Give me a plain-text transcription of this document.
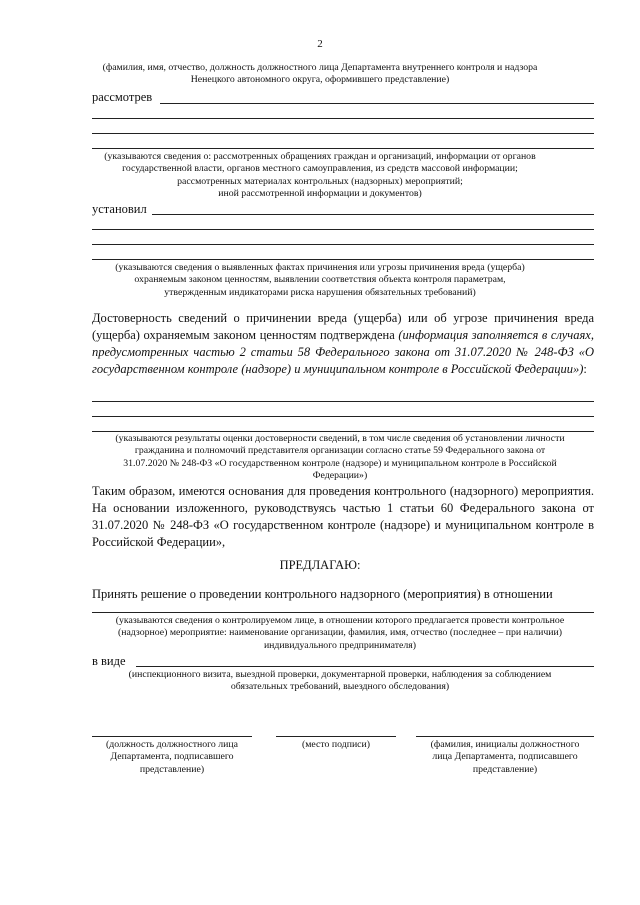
2
(фамилия, имя, отчество, должность должностного лица Департамента внутреннего контроля и надзора
Ненецкого автономного округа, оформившего представление)
рассмотрев
(указываются сведения о: рассмотренных обращениях граждан и организаций, информации от органов
государственной власти, органов местного самоуправления, из средств массовой информации;
рассмотренных материалах контрольных (надзорных) мероприятий;
иной рассмотренной информации и документов)
установил
(указываются сведения о выявленных фактах причинения или угрозы причинения вреда (ущерба)
охраняемым законом ценностям, выявлении соответствия объекта контроля параметрам,
утвержденным индикаторами риска нарушения обязательных требований)
Достоверность сведений о причинении вреда (ущерба) или об угрозе причинения вреда (ущерба) охраняемым законом ценностям подтверждена (информация заполняется в случаях, предусмотренных частью 2 статьи 58 Федерального закона от 31.07.2020 № 248-ФЗ «О государственном контроле (надзоре) и муниципальном контроле в Российской Федерации»):
(указываются результаты оценки достоверности сведений, в том числе сведения об установлении личности
гражданина и полномочий представителя организации согласно статье 59 Федерального закона от
31.07.2020 № 248-ФЗ «О государственном контроле (надзоре) и муниципальном контроле в Российской
Федерации»)
Таким образом, имеются основания для проведения контрольного (надзорного) мероприятия. На основании изложенного, руководствуясь частью 1 статьи 60 Федерального закона от 31.07.2020 № 248-ФЗ «О государственном контроле (надзоре) и муниципальном контроле в Российской Федерации»,
ПРЕДЛАГАЮ:
Принять решение о проведении контрольного надзорного (мероприятия) в отношении
(указываются сведения о контролируемом лице, в отношении которого предлагается провести контрольное
(надзорное) мероприятие: наименование организации, фамилия, имя, отчество (последнее – при наличии)
индивидуального предпринимателя)
в виде
(инспекционного визита, выездной проверки, документарной проверки, наблюдения за соблюдением
обязательных требований, выездного обследования)
(должность должностного лица
Департамента, подписавшего
представление)
(место подписи)	(фамилия, инициалы должностного
лица Департамента, подписавшего
представление)
